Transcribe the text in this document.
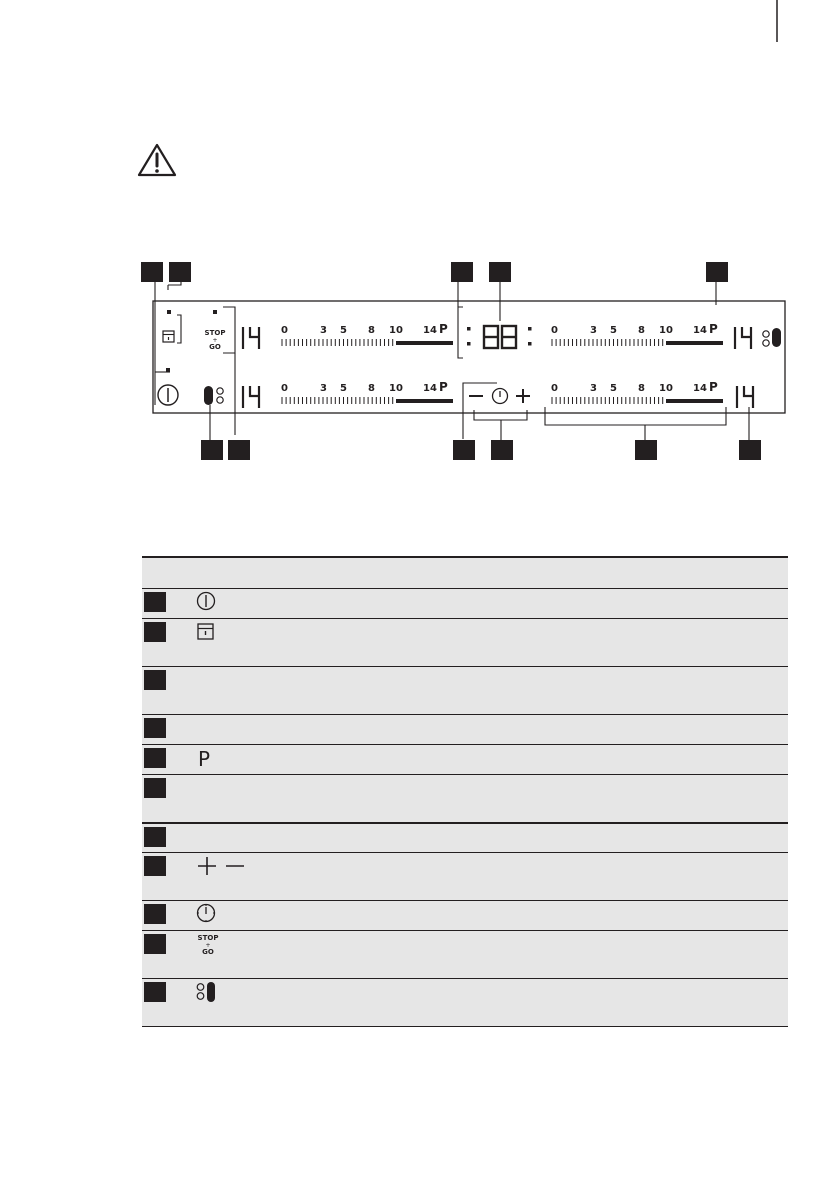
STOP
+
GO
0	3 5 8 10 14 P
0	3 5 8 10 14 P
0	3 5 8 10 14 P
0	3 5 8 10 14 P

P	

STOP
+
GO	
